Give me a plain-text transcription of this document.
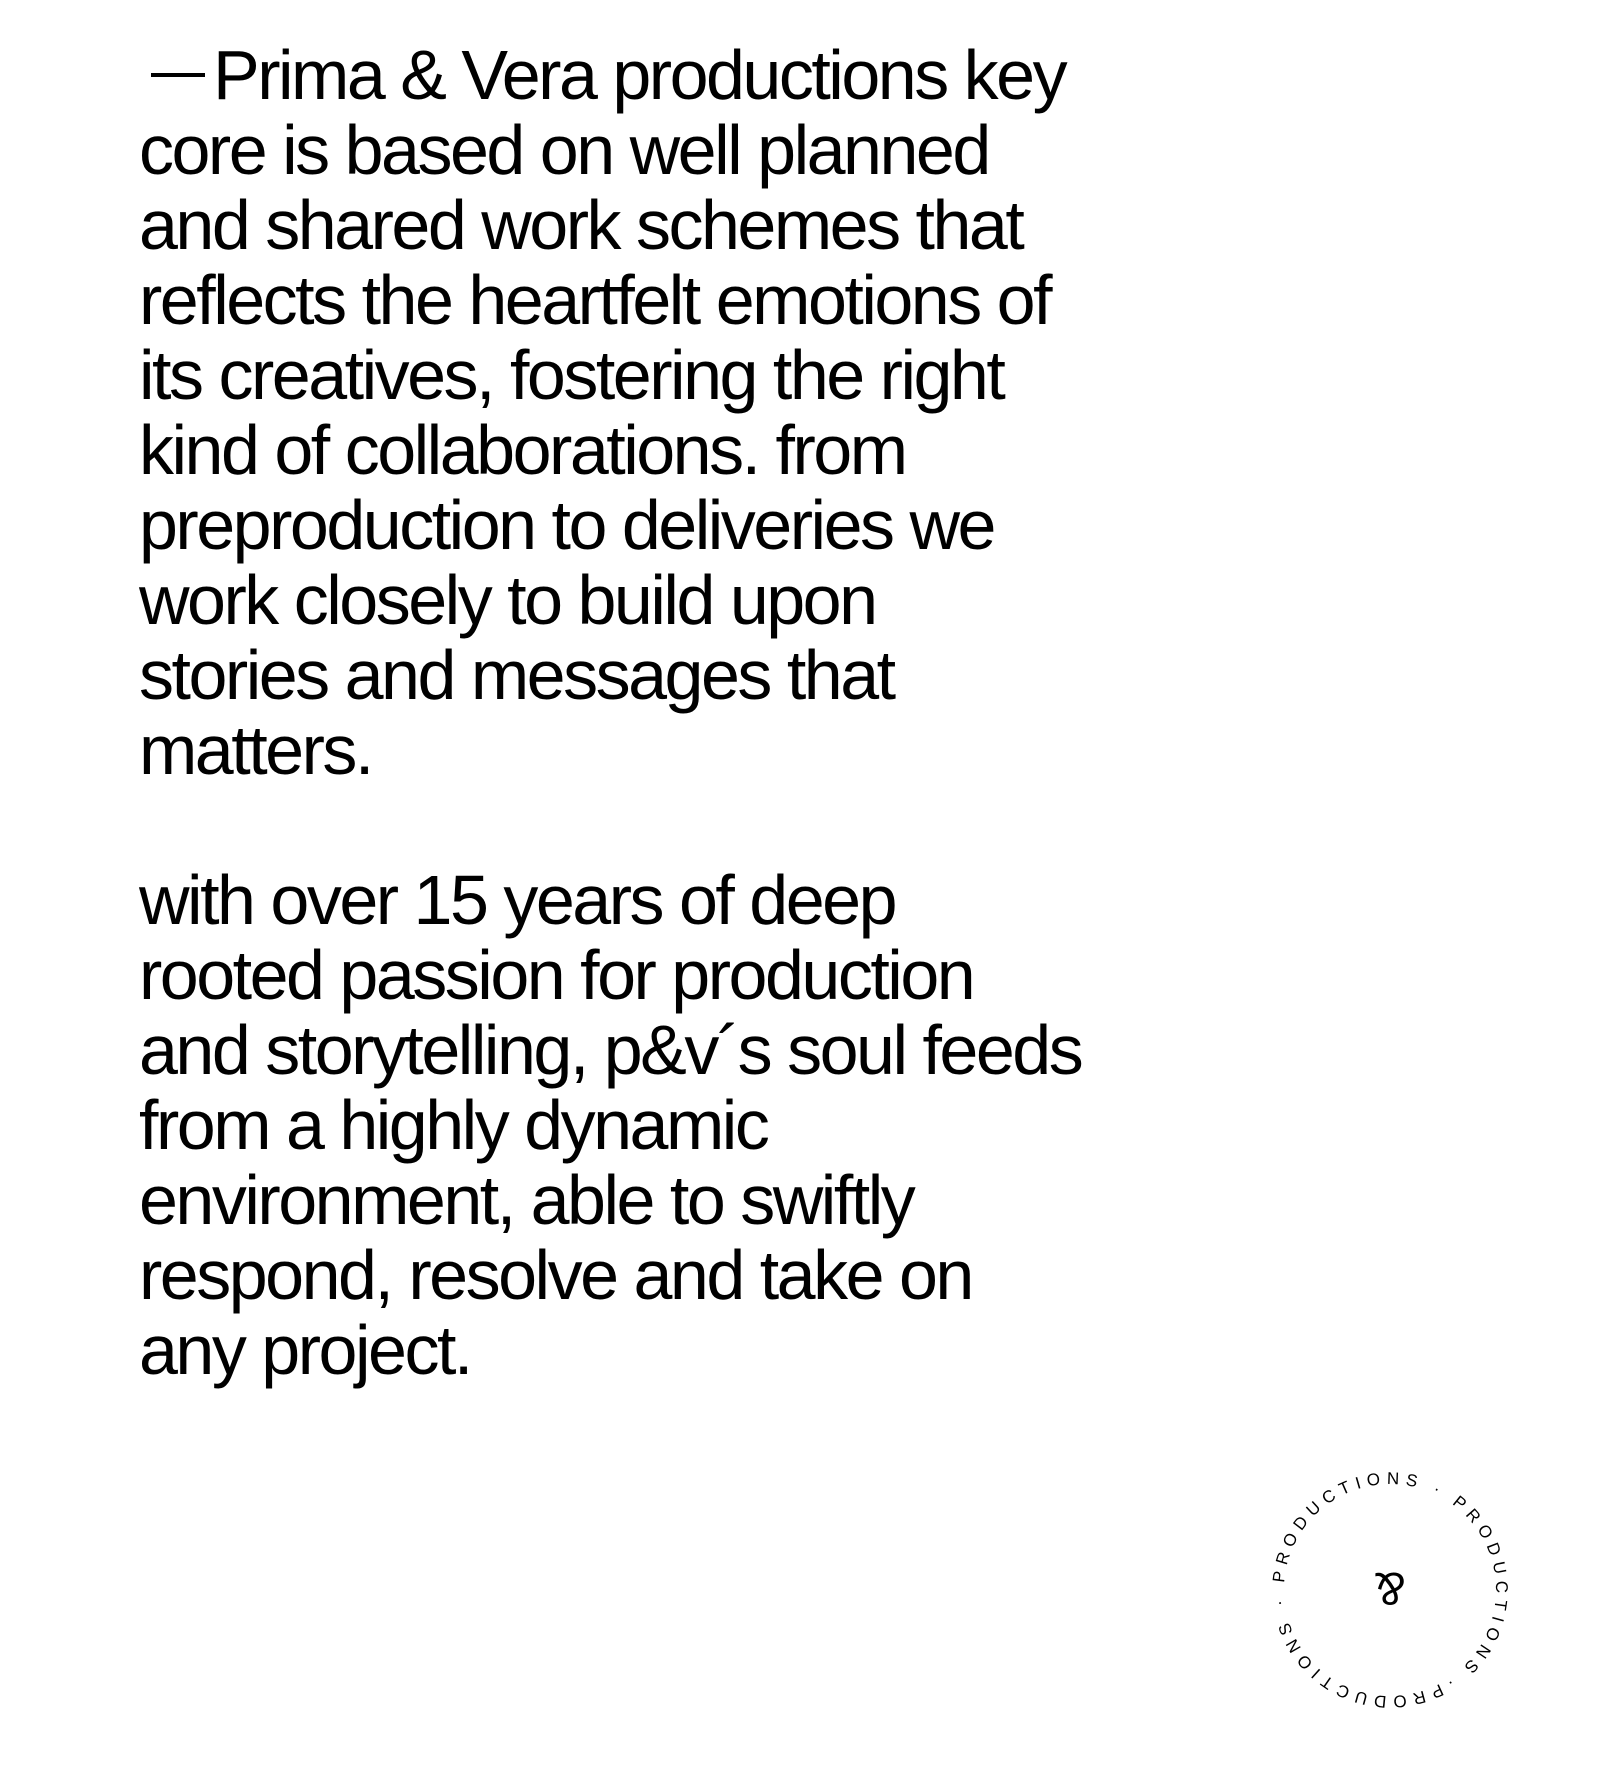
Prima & Vera productions key
core is based on well planned
and shared work schemes that
reflects the heartfelt emotions of
its creatives, fostering the right
kind of collaborations. from
preproduction to deliveries we
work closely to build upon
stories and messages that
matters.

with over 15 years of deep
rooted passion for production
and storytelling, p&v´s soul feeds
from a highly dynamic
environment, able to swiftly
respond, resolve and take on
any project.

PRODUCTIONS · PRODUCTIONS · PRODUCTIONS ·
&
